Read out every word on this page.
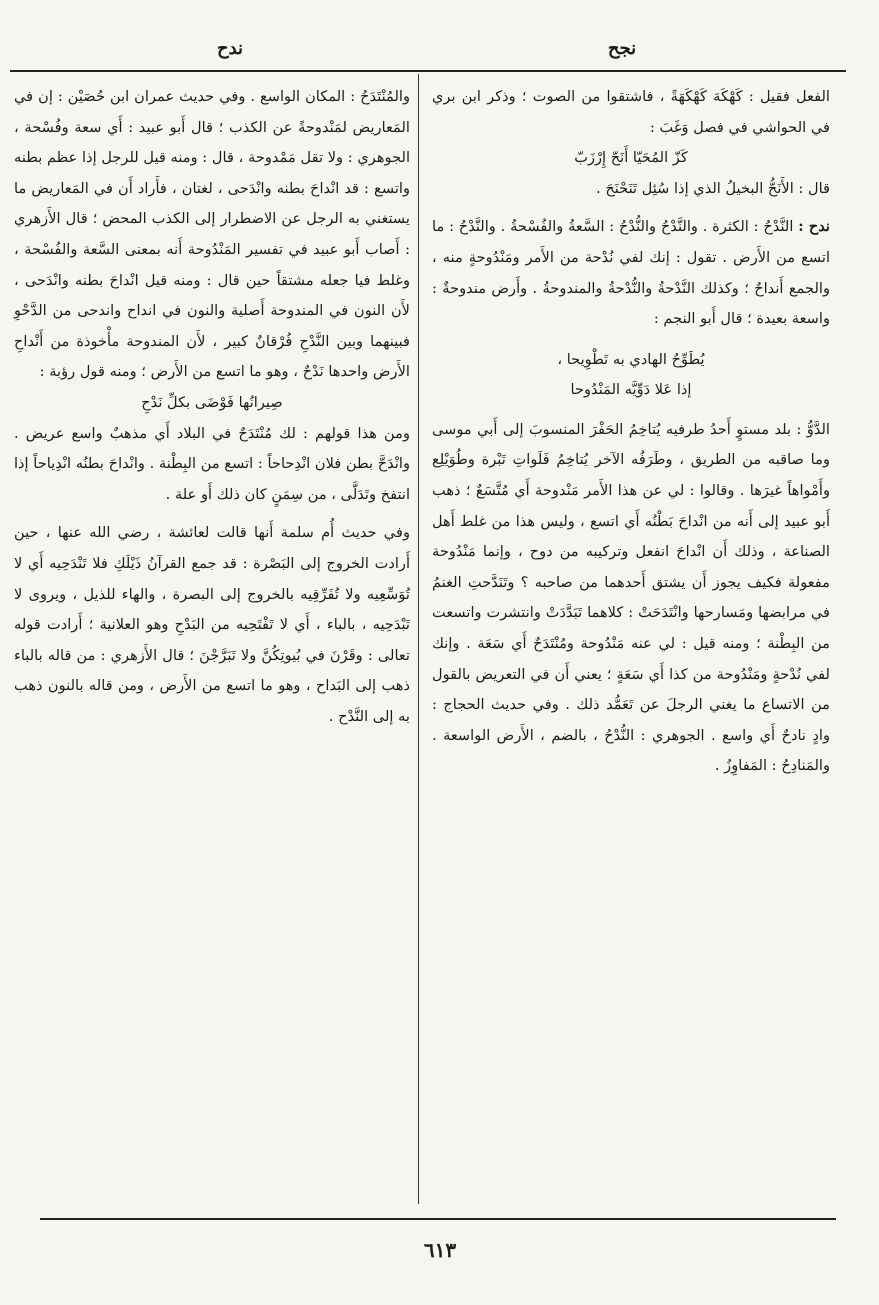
نجح
ندح

الفعل فقيل : كَهْكَهَ كَهْكَهَةً ، فاشتقوا من الصوت ؛ وذكر ابن بري في الحواشي في فصل وَغَبَ :

كَزّ المُحَيّا أَنَحّ إِرْزَبّ

قال : الأَنَحُّ البخيلُ الذي إذا سُئِل تَنَحْنَحَ .

ندح : النَّدْحُ : الكثرة . والنَّدْحُ والنُّدْحُ : السَّعةُ والفُسْحةُ . والنَّدْحُ : ما اتسع من الأَرض . تقول : إنك لفي نُدْحة من الأَمر ومَنْدُوحةٍ منه ، والجمع أَنداحٌ ؛ وكذلك النَّدْحةُ والنُّدْحةُ والمندوحةُ . وأَرض مندوحةٌ : واسعة بعيدة ؛ قال أَبو النجم :

يُطَوِّحُ الهادي به تَطْوِيحا ،
إذا عَلا دَوِّيَّه المَنْدُوحا

الدَّوُّ : بلد مستوٍ أَحدُ طرفيه يُتاخِمُ الحَفْرَ المنسوبَ إلى أَبي موسى وما صاقبه من الطريق ، وطَرَفُه الآخر يُتاخِمُ فَلَواتِ تَبْرة وطُوَيْلِع وأَمْواهاً غيرَها . وقالوا : لي عن هذا الأَمر مَنْدوحة أَي مُتَّسَعٌ ؛ ذهب أَبو عبيد إلى أَنه من انْداحَ بَطْنُه أَي اتسع ، وليس هذا من غلط أَهل الصناعة ، وذلك أَن انْداحَ انفعل وتركيبه من دوح ، وإنما مَنْدُوحة مفعولة فكيف يجوز أَن يشتق أَحدهما من صاحبه ؟ وتَنَدَّحتِ الغنمُ في مرابضها ومَسارحها وانْتَدَحَتْ : كلاهما تَبَدَّدَتْ وانتشرت واتسعت من البِطْنة ؛ ومنه قيل : لي عنه مَنْدُوحة ومُنْتَدَحٌ أَي سَعَة . وإنك لفي نُدْحةٍ ومَنْدُوحة من كذا أَي سَعَةٍ ؛ يعني أَن في التعريض بالقول من الاتساع ما يغني الرجلَ عن تَعَمُّد ذلك . وفي حديث الحجاج : وادٍ نادحٌ أَي واسع . الجوهري : النُّدْحُ ، بالضم ، الأَرض الواسعة . والمَنادِحُ : المَفاوِزُ .

والمُنْتَدَحُ : المكان الواسع . وفي حديث عمران ابن حُصَيْن : إن في المَعاريض لمَنْدوحةً عن الكذب ؛ قال أَبو عبيد : أَي سعة وفُسْحة ، الجوهري : ولا تقل مَمْدوحة ، قال : ومنه قيل للرجل إذا عظم بطنه واتسع : قد انْداحَ بطنه وانْدَحى ، لغتان ، فأَراد أَن في المَعاريض ما يستغني به الرجل عن الاضطرار إلى الكذب المحض ؛ قال الأَزهري : أَصاب أَبو عبيد في تفسير المَنْدُوحة أَنه بمعنى السَّعة والفُسْحة ، وغلط فيا جعله مشتقاً حين قال : ومنه قيل انْداحَ بطنه وانْدَحى ، لأَن النون في المندوحة أَصلية والنون في انداح واندحى من الدَّحْوِ فبينهما وبين النَّدْحِ فُرْقانٌ كبير ، لأَن المندوحة مأْخوذة من أَنْداحِ الأَرض واحدها نَدْحٌ ، وهو ما اتسع من الأَرض ؛ ومنه قول رؤبة :

صِيرانُها فَوْضَى بكلِّ نَدْحِ

ومن هذا قولهم : لك مُنْتَدَحٌ في البلاد أَي مذهبٌ واسع عريض . وانْدَحَّ بطن فلان انْدِحاحاً : اتسع من البِطْنة . وانْداحَ بطنُه انْدِياحاً إذا انتفخ وتَدَلَّى ، من سِمَنٍ كان ذلك أَو علة .

وفي حديث أُم سلمة أَنها قالت لعائشة ، رضي الله عنها ، حين أَرادت الخروج إلى البَصْرة : قد جمع القرآنُ ذَيْلَكِ فلا تَنْدَحِيه أَي لا تُوَسِّعِيه ولا تُفَرِّقِيه بالخروج إلى البصرة ، والهاء للذيل ، ويروى لا تَبْدَحِيه ، بالباء ، أَي لا تَفْتَحِيه من البَدْحِ وهو العلانية ؛ أَرادت قوله تعالى : وقَرْنَ في بُيوتِكُنَّ ولا تَبَرَّجْنَ ؛ قال الأَزهري : من قاله بالباء ذهب إلى البَداح ، وهو ما اتسع من الأَرض ، ومن قاله بالنون ذهب به إلى النَّدْح .

٦١٣
